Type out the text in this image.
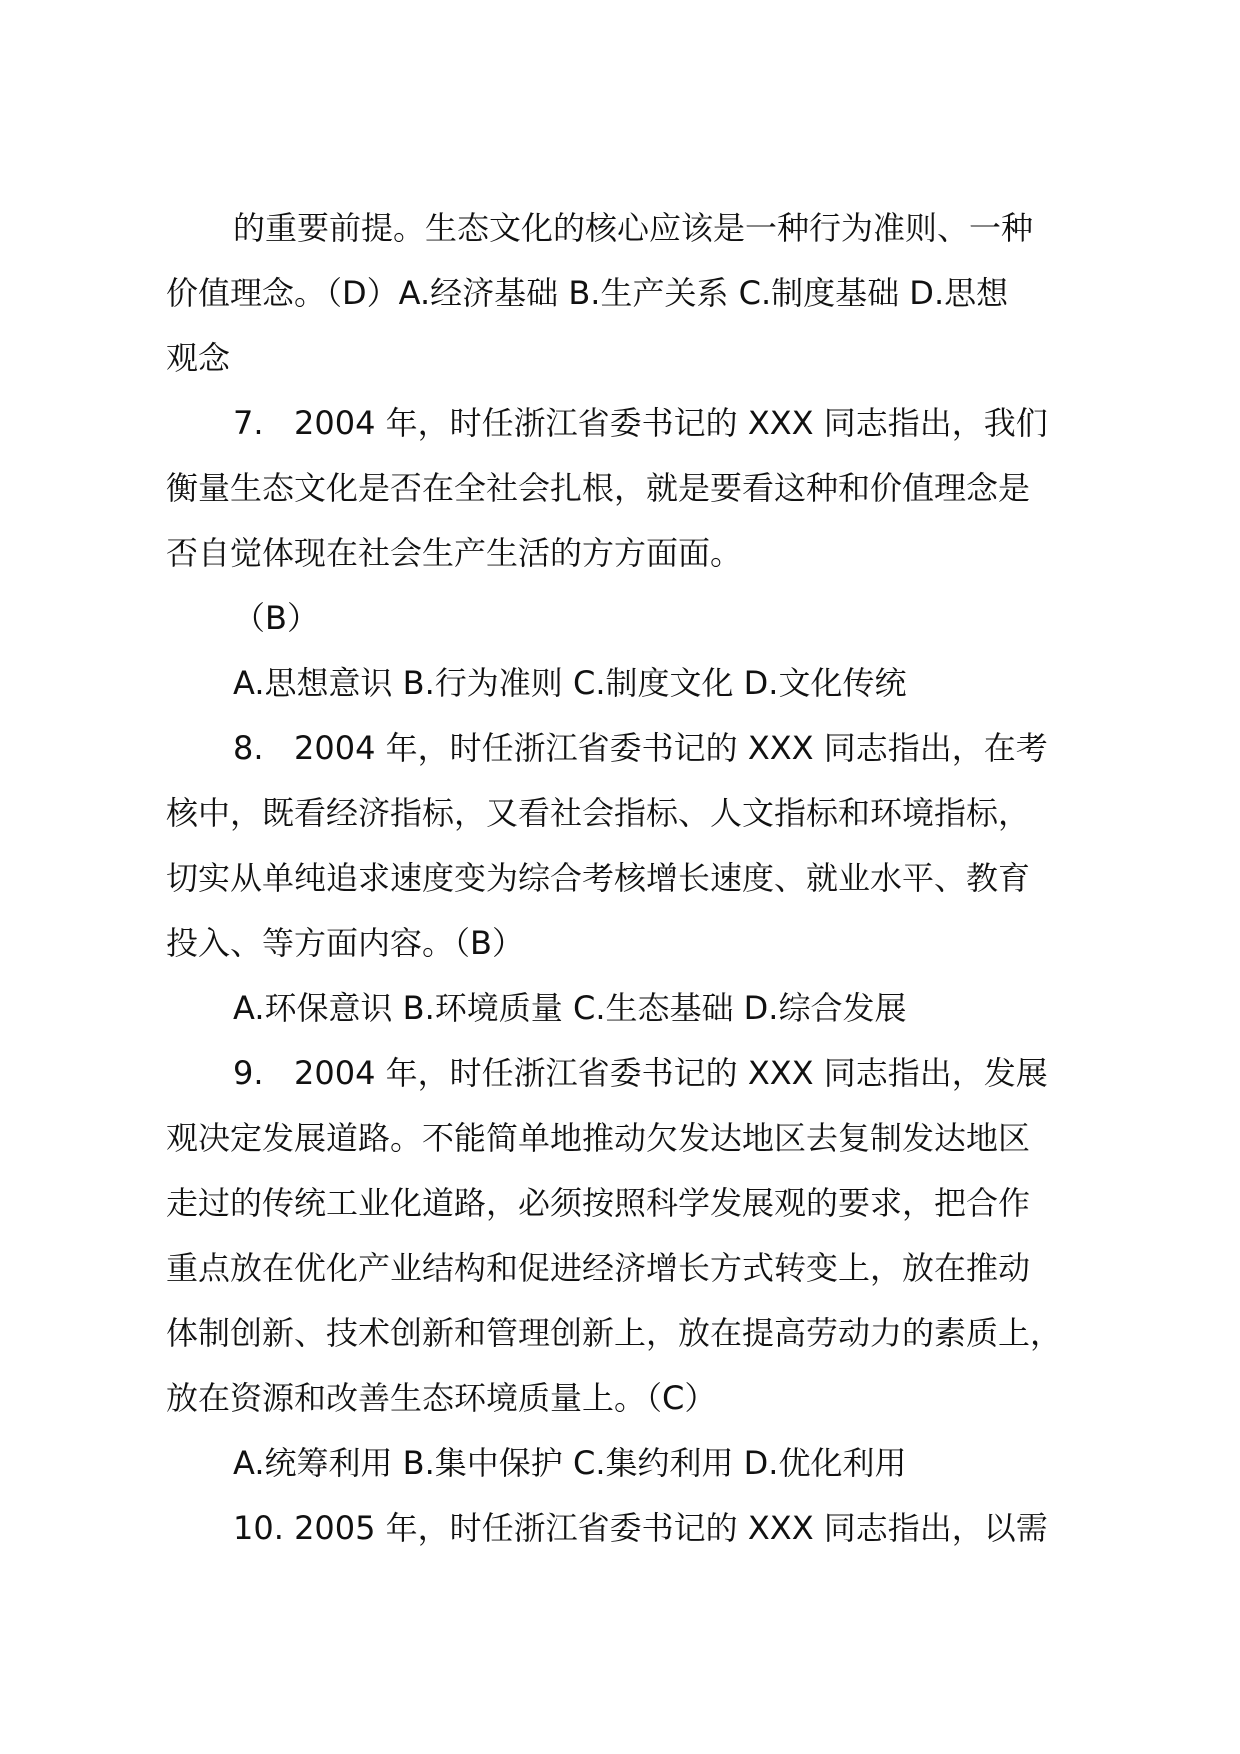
的重要前提。生态文化的核心应该是一种行为准则、一种
价值理念。（D）A.经济基础 B.生产关系 C.制度基础 D.思想
观念
7.   2004 年，时任浙江省委书记的 XXX 同志指出，我们
衡量生态文化是否在全社会扎根，就是要看这种和价值理念是
否自觉体现在社会生产生活的方方面面。
（B）
A.思想意识 B.行为准则 C.制度文化 D.文化传统
8.   2004 年，时任浙江省委书记的 XXX 同志指出，在考
核中，既看经济指标，又看社会指标、人文指标和环境指标，
切实从单纯追求速度变为综合考核增长速度、就业水平、教育
投入、等方面内容。（B）
A.环保意识 B.环境质量 C.生态基础 D.综合发展
9.   2004 年，时任浙江省委书记的 XXX 同志指出，发展
观决定发展道路。不能简单地推动欠发达地区去复制发达地区
走过的传统工业化道路，必须按照科学发展观的要求，把合作
重点放在优化产业结构和促进经济增长方式转变上，放在推动
体制创新、技术创新和管理创新上，放在提高劳动力的素质上，
放在资源和改善生态环境质量上。（C）
A.统筹利用 B.集中保护 C.集约利用 D.优化利用
10. 2005 年，时任浙江省委书记的 XXX 同志指出，以需
